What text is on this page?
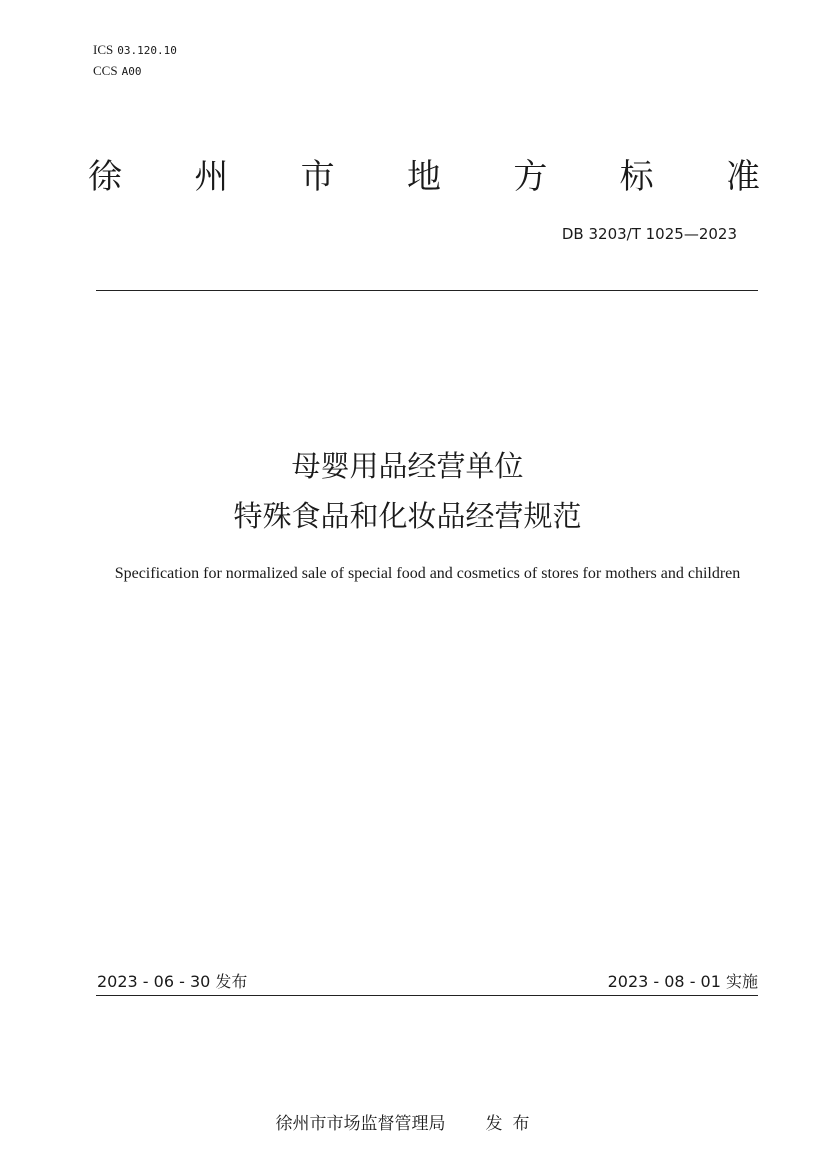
ICS 03.120.10
CCS A00
徐 州 市 地 方 标 准
DB 3203/T 1025—2023
母婴用品经营单位
特殊食品和化妆品经营规范
Specification for normalized sale of special food and cosmetics of stores for mothers and children
2023 - 06 - 30 发布	2023 - 08 - 01 实施
徐州市市场监督管理局 发布
